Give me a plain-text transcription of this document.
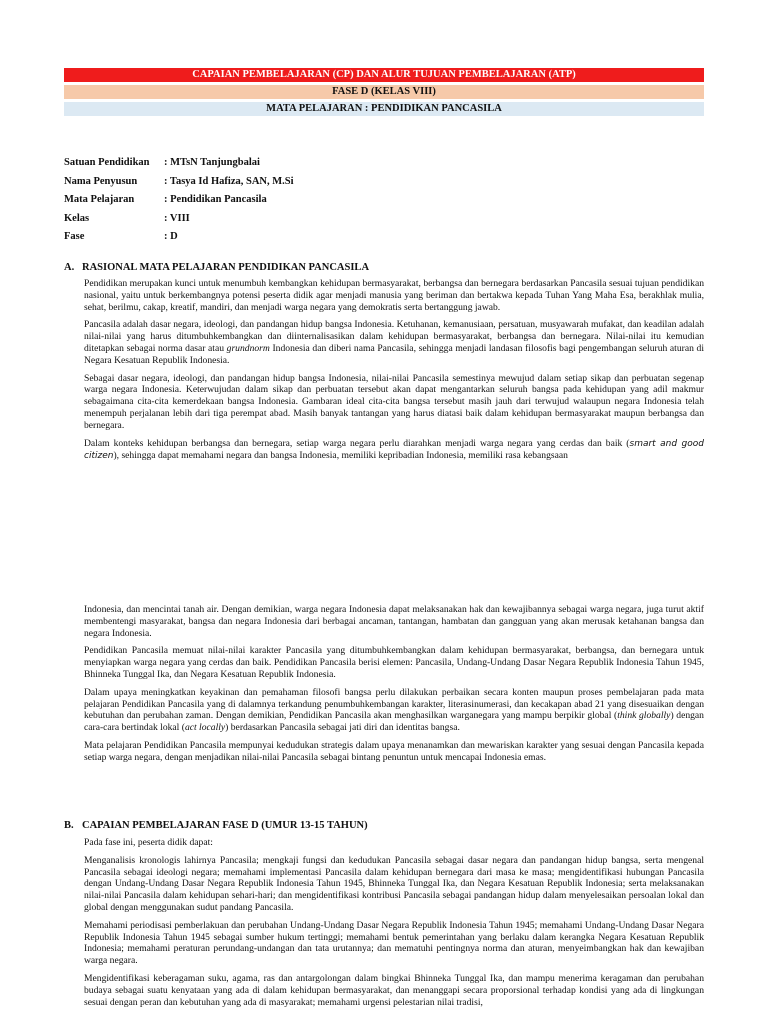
CAPAIAN PEMBELAJARAN (CP) DAN ALUR TUJUAN PEMBELAJARAN (ATP)
FASE D (KELAS VIII)
MATA PELAJARAN : PENDIDIKAN PANCASILA
Satuan Pendidikan	: MTsN Tanjungbalai
Nama Penyusun	: Tasya Id Hafiza, SAN, M.Si
Mata Pelajaran	: Pendidikan Pancasila
Kelas	: VIII
Fase	: D
A. RASIONAL MATA PELAJARAN PENDIDIKAN PANCASILA

Pendidikan merupakan kunci untuk menumbuh kembangkan kehidupan bermasyarakat, berbangsa dan bernegara berdasarkan Pancasila sesuai tujuan pendidikan nasional, yaitu untuk berkembangnya potensi peserta didik agar menjadi manusia yang beriman dan bertakwa kepada Tuhan Yang Maha Esa, berakhlak mulia, sehat, berilmu, cakap, kreatif, mandiri, dan menjadi warga negara yang demokratis serta bertanggung jawab.

Pancasila adalah dasar negara, ideologi, dan pandangan hidup bangsa Indonesia. Ketuhanan, kemanusiaan, persatuan, musyawarah mufakat, dan keadilan adalah nilai-nilai yang harus ditumbuhkembangkan dan diinternalisasikan dalam kehidupan bermasyarakat, berbangsa dan bernegara. Nilai-nilai itu kemudian ditetapkan sebagai norma dasar atau grundnorm Indonesia dan diberi nama Pancasila, sehingga menjadi landasan filosofis bagi pengembangan seluruh aturan di Negara Kesatuan Republik Indonesia.

Sebagai dasar negara, ideologi, dan pandangan hidup bangsa Indonesia, nilai-nilai Pancasila semestinya mewujud dalam setiap sikap dan perbuatan segenap warga negara Indonesia. Keterwujudan dalam sikap dan perbuatan tersebut akan dapat mengantarkan seluruh bangsa pada kehidupan yang adil makmur sebagaimana cita-cita kemerdekaan bangsa Indonesia. Gambaran ideal cita-cita bangsa tersebut masih jauh dari terwujud walaupun negara Indonesia telah menempuh perjalanan lebih dari tiga perempat abad. Masih banyak tantangan yang harus diatasi baik dalam kehidupan bermasyarakat maupun berbangsa dan bernegara.

Dalam konteks kehidupan berbangsa dan bernegara, setiap warga negara perlu diarahkan menjadi warga negara yang cerdas dan baik (smart and good citizen), sehingga dapat memahami negara dan bangsa Indonesia, memiliki kepribadian Indonesia, memiliki rasa kebangsaan

Indonesia, dan mencintai tanah air. Dengan demikian, warga negara Indonesia dapat melaksanakan hak dan kewajibannya sebagai warga negara, juga turut aktif membentengi masyarakat, bangsa dan negara Indonesia dari berbagai ancaman, tantangan, hambatan dan gangguan yang akan merusak ketahanan bangsa dan negara Indonesia.

Pendidikan Pancasila memuat nilai-nilai karakter Pancasila yang ditumbuhkembangkan dalam kehidupan bermasyarakat, berbangsa, dan bernegara untuk menyiapkan warga negara yang cerdas dan baik. Pendidikan Pancasila berisi elemen: Pancasila, Undang-Undang Dasar Negara Republik Indonesia Tahun 1945, Bhinneka Tunggal Ika, dan Negara Kesatuan Republik Indonesia.

Dalam upaya meningkatkan keyakinan dan pemahaman filosofi bangsa perlu dilakukan perbaikan secara konten maupun proses pembelajaran pada mata pelajaran Pendidikan Pancasila yang di dalamnya terkandung penumbuhkembangan karakter, literasinumerasi, dan kecakapan abad 21 yang disesuaikan dengan kebutuhan dan perubahan zaman. Dengan demikian, Pendidikan Pancasila akan menghasilkan warganegara yang mampu berpikir global (think globally) dengan cara-cara bertindak lokal (act locally) berdasarkan Pancasila sebagai jati diri dan identitas bangsa.

Mata pelajaran Pendidikan Pancasila mempunyai kedudukan strategis dalam upaya menanamkan dan mewariskan karakter yang sesuai dengan Pancasila kepada setiap warga negara, dengan menjadikan nilai-nilai Pancasila sebagai bintang penuntun untuk mencapai Indonesia emas.

B. CAPAIAN PEMBELAJARAN FASE D (UMUR 13-15 TAHUN)

Pada fase ini, peserta didik dapat:

Menganalisis kronologis lahirnya Pancasila; mengkaji fungsi dan kedudukan Pancasila sebagai dasar negara dan pandangan hidup bangsa, serta mengenal Pancasila sebagai ideologi negara; memahami implementasi Pancasila dalam kehidupan bernegara dari masa ke masa; mengidentifikasi hubungan Pancasila dengan Undang-Undang Dasar Negara Republik Indonesia Tahun 1945, Bhinneka Tunggal Ika, dan Negara Kesatuan Republik Indonesia; serta melaksanakan nilai-nilai Pancasila dalam kehidupan sehari-hari; dan mengidentifikasi kontribusi Pancasila sebagai pandangan hidup dalam menyelesaikan persoalan lokal dan global dengan menggunakan sudut pandang Pancasila.

Memahami periodisasi pemberlakuan dan perubahan Undang-Undang Dasar Negara Republik Indonesia Tahun 1945; memahami Undang-Undang Dasar Negara Republik Indonesia Tahun 1945 sebagai sumber hukum tertinggi; memahami bentuk pemerintahan yang berlaku dalam kerangka Negara Kesatuan Republik Indonesia; memahami peraturan perundang-undangan dan tata urutannya; dan mematuhi pentingnya norma dan aturan, menyeimbangkan hak dan kewajiban warga negara.

Mengidentifikasi keberagaman suku, agama, ras dan antargolongan dalam bingkai Bhinneka Tunggal Ika, dan mampu menerima keragaman dan perubahan budaya sebagai suatu kenyataan yang ada di dalam kehidupan bermasyarakat, dan menanggapi secara proporsional terhadap kondisi yang ada di lingkungan sesuai dengan peran dan kebutuhan yang ada di masyarakat; memahami urgensi pelestarian nilai tradisi,
